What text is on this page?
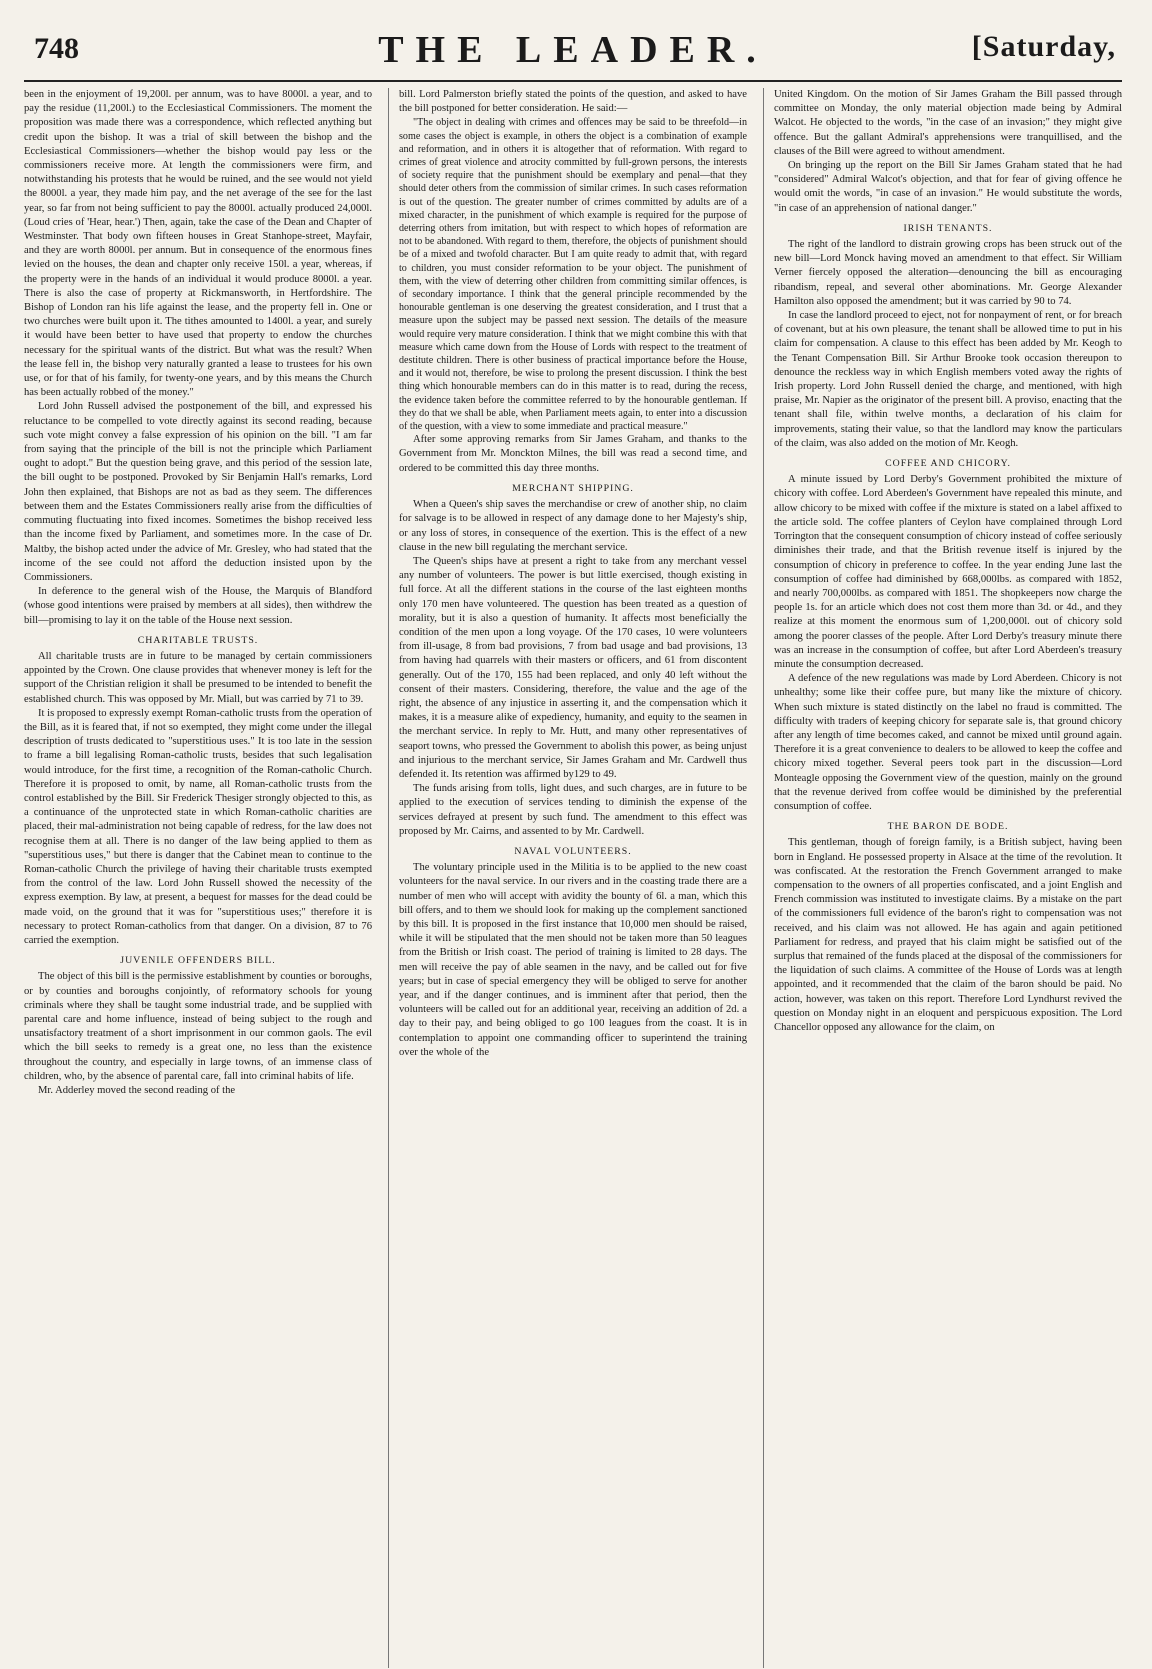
748	THE LEADER.	[Saturday,

been in the enjoyment of 19,200l. per annum, was to have 8000l. a year, and to pay the residue (11,200l.) to the Ecclesiastical Commissioners. The moment the proposition was made there was a correspondence, which reflected anything but credit upon the bishop. It was a trial of skill between the bishop and the Ecclesiastical Commissioners—whether the bishop would pay less or the commissioners receive more. At length the commissioners were firm, and notwithstanding his protests that he would be ruined, and the see would not yield the 8000l. a year, they made him pay, and the net average of the see for the last year, so far from not being sufficient to pay the 8000l. actually produced 24,000l. (Loud cries of 'Hear, hear.') Then, again, take the case of the Dean and Chapter of Westminster. That body own fifteen houses in Great Stanhope-street, Mayfair, and they are worth 8000l. per annum. But in consequence of the enormous fines levied on the houses, the dean and chapter only receive 150l. a year, whereas, if the property were in the hands of an individual it would produce 8000l. a year. There is also the case of property at Rickmansworth, in Hertfordshire. The Bishop of London ran his life against the lease, and the property fell in. One or two churches were built upon it. The tithes amounted to 1400l. a year, and surely it would have been better to have used that property to endow the churches necessary for the spiritual wants of the district. But what was the result? When the lease fell in, the bishop very naturally granted a lease to trustees for his own use, or for that of his family, for twenty-one years, and by this means the Church has been actually robbed of the money."

Lord John Russell advised the postponement of the bill, and expressed his reluctance to be compelled to vote directly against its second reading, because such vote might convey a false expression of his opinion on the bill. "I am far from saying that the principle of the bill is not the principle which Parliament ought to adopt." But the question being grave, and this period of the session late, the bill ought to be postponed. Provoked by Sir Benjamin Hall's remarks, Lord John then explained, that Bishops are not as bad as they seem. The differences between them and the Estates Commissioners really arise from the difficulties of commuting fluctuating into fixed incomes. Sometimes the bishop received less than the income fixed by Parliament, and sometimes more. In the case of Dr. Maltby, the bishop acted under the advice of Mr. Gresley, who had stated that the income of the see could not afford the deduction insisted upon by the Commissioners.

In deference to the general wish of the House, the Marquis of Blandford (whose good intentions were praised by members at all sides), then withdrew the bill—promising to lay it on the table of the House next session.

CHARITABLE TRUSTS.

All charitable trusts are in future to be managed by certain commissioners appointed by the Crown. One clause provides that whenever money is left for the support of the Christian religion it shall be presumed to be intended to benefit the established church. This was opposed by Mr. Miall, but was carried by 71 to 39.

It is proposed to expressly exempt Roman-catholic trusts from the operation of the Bill, as it is feared that, if not so exempted, they might come under the illegal description of trusts dedicated to "superstitious uses." It is too late in the session to frame a bill legalising Roman-catholic trusts, besides that such legalisation would introduce, for the first time, a recognition of the Roman-catholic Church. Therefore it is proposed to omit, by name, all Roman-catholic trusts from the control established by the Bill. Sir Frederick Thesiger strongly objected to this, as a continuance of the unprotected state in which Roman-catholic charities are placed, their mal-administration not being capable of redress, for the law does not recognise them at all. There is no danger of the law being applied to them as "superstitious uses," but there is danger that the Cabinet mean to continue to the Roman-catholic Church the privilege of having their charitable trusts exempted from the control of the law. Lord John Russell showed the necessity of the express exemption. By law, at present, a bequest for masses for the dead could be made void, on the ground that it was for "superstitious uses;" therefore it is necessary to protect Roman-catholics from that danger. On a division, 87 to 76 carried the exemption.

JUVENILE OFFENDERS BILL.

The object of this bill is the permissive establishment by counties or boroughs, or by counties and boroughs conjointly, of reformatory schools for young criminals where they shall be taught some industrial trade, and be supplied with parental care and home influence, instead of being subject to the rough and unsatisfactory treatment of a short imprisonment in our common gaols. The evil which the bill seeks to remedy is a great one, no less than the existence throughout the country, and especially in large towns, of an immense class of children, who, by the absence of parental care, fall into criminal habits of life.

Mr. Adderley moved the second reading of the

bill. Lord Palmerston briefly stated the points of the question, and asked to have the bill postponed for better consideration. He said:—

"The object in dealing with crimes and offences may be said to be threefold—in some cases the object is example, in others the object is a combination of example and reformation, and in others it is altogether that of reformation. With regard to crimes of great violence and atrocity committed by full-grown persons, the interests of society require that the punishment should be exemplary and penal—that they should deter others from the commission of similar crimes. In such cases reformation is out of the question. The greater number of crimes committed by adults are of a mixed character, in the punishment of which example is required for the purpose of deterring others from imitation, but with respect to which hopes of reformation are not to be abandoned. With regard to them, therefore, the objects of punishment should be of a mixed and twofold character. But I am quite ready to admit that, with regard to children, you must consider reformation to be your object. The punishment of them, with the view of deterring other children from committing similar offences, is of secondary importance. I think that the general principle recommended by the honourable gentleman is one deserving the greatest consideration, and I trust that a measure upon the subject may be passed next session. The details of the measure would require very mature consideration. I think that we might combine this with that measure which came down from the House of Lords with respect to the treatment of destitute children. There is other business of practical importance before the House, and it would not, therefore, be wise to prolong the present discussion. I think the best thing which honourable members can do in this matter is to read, during the recess, the evidence taken before the committee referred to by the honourable gentleman. If they do that we shall be able, when Parliament meets again, to enter into a discussion of the question, with a view to some immediate and practical measure."

After some approving remarks from Sir James Graham, and thanks to the Government from Mr. Monckton Milnes, the bill was read a second time, and ordered to be committed this day three months.

MERCHANT SHIPPING.

When a Queen's ship saves the merchandise or crew of another ship, no claim for salvage is to be allowed in respect of any damage done to her Majesty's ship, or any loss of stores, in consequence of the exertion. This is the effect of a new clause in the new bill regulating the merchant service.

The Queen's ships have at present a right to take from any merchant vessel any number of volunteers. The power is but little exercised, though existing in full force. At all the different stations in the course of the last eighteen months only 170 men have volunteered. The question has been treated as a question of morality, but it is also a question of humanity. It affects most beneficially the condition of the men upon a long voyage. Of the 170 cases, 10 were volunteers from ill-usage, 8 from bad provisions, 7 from bad usage and bad provisions, 13 from having had quarrels with their masters or officers, and 61 from discontent generally. Out of the 170, 155 had been replaced, and only 40 left without the consent of their masters. Considering, therefore, the value and the age of the right, the absence of any injustice in asserting it, and the compensation which it makes, it is a measure alike of expediency, humanity, and equity to the seamen in the merchant service. In reply to Mr. Hutt, and many other representatives of seaport towns, who pressed the Government to abolish this power, as being unjust and injurious to the merchant service, Sir James Graham and Mr. Cardwell thus defended it. Its retention was affirmed by129 to 49.

The funds arising from tolls, light dues, and such charges, are in future to be applied to the execution of services tending to diminish the expense of the services defrayed at present by such fund. The amendment to this effect was proposed by Mr. Cairns, and assented to by Mr. Cardwell.

NAVAL VOLUNTEERS.

The voluntary principle used in the Militia is to be applied to the new coast volunteers for the naval service. In our rivers and in the coasting trade there are a number of men who will accept with avidity the bounty of 6l. a man, which this bill offers, and to them we should look for making up the complement sanctioned by this bill. It is proposed in the first instance that 10,000 men should be raised, while it will be stipulated that the men should not be taken more than 50 leagues from the British or Irish coast. The period of training is limited to 28 days. The men will receive the pay of able seamen in the navy, and be called out for five years; but in case of special emergency they will be obliged to serve for another year, and if the danger continues, and is imminent after that period, then the volunteers will be called out for an additional year, receiving an addition of 2d. a day to their pay, and being obliged to go 100 leagues from the coast. It is in contemplation to appoint one commanding officer to superintend the training over the whole of the

United Kingdom. On the motion of Sir James Graham the Bill passed through committee on Monday, the only material objection made being by Admiral Walcot. He objected to the words, "in the case of an invasion;" they might give offence. But the gallant Admiral's apprehensions were tranquillised, and the clauses of the Bill were agreed to without amendment.

On bringing up the report on the Bill Sir James Graham stated that he had "considered" Admiral Walcot's objection, and that for fear of giving offence he would omit the words, "in case of an invasion." He would substitute the words, "in case of an apprehension of national danger."

IRISH TENANTS.

The right of the landlord to distrain growing crops has been struck out of the new bill—Lord Monck having moved an amendment to that effect. Sir William Verner fiercely opposed the alteration—denouncing the bill as encouraging ribandism, repeal, and several other abominations. Mr. George Alexander Hamilton also opposed the amendment; but it was carried by 90 to 74.

In case the landlord proceed to eject, not for nonpayment of rent, or for breach of covenant, but at his own pleasure, the tenant shall be allowed time to put in his claim for compensation. A clause to this effect has been added by Mr. Keogh to the Tenant Compensation Bill. Sir Arthur Brooke took occasion thereupon to denounce the reckless way in which English members voted away the rights of Irish property. Lord John Russell denied the charge, and mentioned, with high praise, Mr. Napier as the originator of the present bill. A proviso, enacting that the tenant shall file, within twelve months, a declaration of his claim for improvements, stating their value, so that the landlord may know the particulars of the claim, was also added on the motion of Mr. Keogh.

COFFEE AND CHICORY.

A minute issued by Lord Derby's Government prohibited the mixture of chicory with coffee. Lord Aberdeen's Government have repealed this minute, and allow chicory to be mixed with coffee if the mixture is stated on a label affixed to the article sold. The coffee planters of Ceylon have complained through Lord Torrington that the consequent consumption of chicory instead of coffee seriously diminishes their trade, and that the British revenue itself is injured by the consumption of chicory in preference to coffee. In the year ending June last the consumption of coffee had diminished by 668,000lbs. as compared with 1852, and nearly 700,000lbs. as compared with 1851. The shopkeepers now charge the people 1s. for an article which does not cost them more than 3d. or 4d., and they realize at this moment the enormous sum of 1,200,000l. out of chicory sold among the poorer classes of the people. After Lord Derby's treasury minute there was an increase in the consumption of coffee, but after Lord Aberdeen's treasury minute the consumption decreased.

A defence of the new regulations was made by Lord Aberdeen. Chicory is not unhealthy; some like their coffee pure, but many like the mixture of chicory. When such mixture is stated distinctly on the label no fraud is committed. The difficulty with traders of keeping chicory for separate sale is, that ground chicory after any length of time becomes caked, and cannot be mixed until ground again. Therefore it is a great convenience to dealers to be allowed to keep the coffee and chicory mixed together. Several peers took part in the discussion—Lord Monteagle opposing the Government view of the question, mainly on the ground that the revenue derived from coffee would be diminished by the preferential consumption of coffee.

THE BARON DE BODE.

This gentleman, though of foreign family, is a British subject, having been born in England. He possessed property in Alsace at the time of the revolution. It was confiscated. At the restoration the French Government arranged to make compensation to the owners of all properties confiscated, and a joint English and French commission was instituted to investigate claims. By a mistake on the part of the commissioners full evidence of the baron's right to compensation was not received, and his claim was not allowed. He has again and again petitioned Parliament for redress, and prayed that his claim might be satisfied out of the surplus that remained of the funds placed at the disposal of the commissioners for the liquidation of such claims. A committee of the House of Lords was at length appointed, and it recommended that the claim of the baron should be paid. No action, however, was taken on this report. Therefore Lord Lyndhurst revived the question on Monday night in an eloquent and perspicuous exposition. The Lord Chancellor opposed any allowance for the claim, on
